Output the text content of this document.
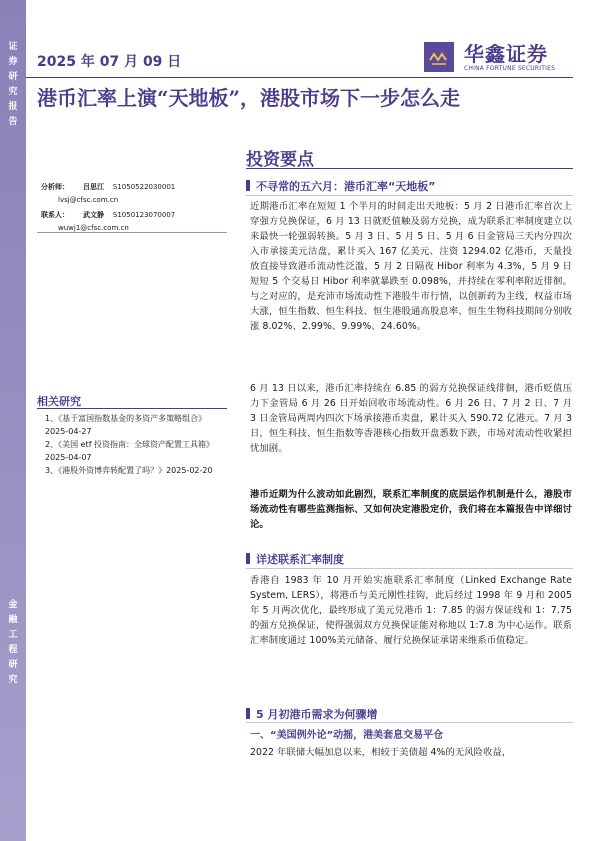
证
券
研
究
报
告
金
融
工
程
研
究
2025 年 07 月 09 日	华鑫证券
CHINA FORTUNE SECURITIES
港币汇率上演“天地板”，港股市场下一步怎么走
投资要点
分析师： 吕思江 S1050522030001
lvsj@cfsc.com.cn
联系人： 武文静 S1050123070007
wuwj1@cfsc.com.cn
相关研究
1、《基于富国指数基金的多资产多策略组合》2025-04-27
2、《美国 etf 投资指南：全球资产配置工具箱》2025-04-07
3、《港股外资博弈转配置了吗？》2025-02-20
不寻常的五六月：港币汇率“天地板”
近期港币汇率在短短 1 个半月的时间走出天地板：5 月 2 日港币汇率首次上穿强方兑换保证，6 月 13 日就贬值触及弱方兑换，成为联系汇率制度建立以来最快一轮强弱转换。5 月 3 日、5 月 5 日、5 月 6 日金管局三天内分四次入市承接美元沽盘，累计买入 167 亿美元、注资 1294.02 亿港币，天量投放直接导致港币流动性泛滥，5 月 2 日隔夜 Hibor 利率为 4.3%，5 月 9 日短短 5 个交易日 Hibor 利率就暴跌至 0.098%，并持续在零利率附近徘徊。与之对应的，是充沛市场流动性下港股牛市行情，以创新药为主线，权益市场大涨，恒生指数、恒生科技、恒生港股通高股息率、恒生生物科技期间分别收涨 8.02%、2.99%、9.99%、24.60%。
6 月 13 日以来，港币汇率持续在 6.85 的弱方兑换保证线徘徊，港币贬值压力下金管局 6 月 26 日开始回收市场流动性。6 月 26 日、7 月 2 日、7 月 3 日金管局两周内四次下场承接港币卖盘，累计买入 590.72 亿港元。7 月 3 日，恒生科技、恒生指数等香港核心指数开盘悉数下跌，市场对流动性收紧担忧加剧。
港币近期为什么波动如此剧烈，联系汇率制度的底层运作机制是什么，港股市场流动性有哪些监测指标、又如何决定港股定价，我们将在本篇报告中详细讨论。
详述联系汇率制度
香港自 1983 年 10 月开始实施联系汇率制度（Linked Exchange Rate System, LERS），将港币与美元刚性挂钩，此后经过 1998 年 9 月和 2005 年 5 月两次优化，最终形成了美元兑港币 1：7.85 的弱方保证线和 1：7.75 的强方兑换保证，使得强弱双方兑换保证能对称地以 1:7.8 为中心运作。联系汇率制度通过 100%美元储备、履行兑换保证承诺来维系币值稳定。
5 月初港币需求为何骤增
一、“美国例外论”动摇，港美套息交易平仓
2022 年联储大幅加息以来，相较于美债超 4%的无风险收益，
